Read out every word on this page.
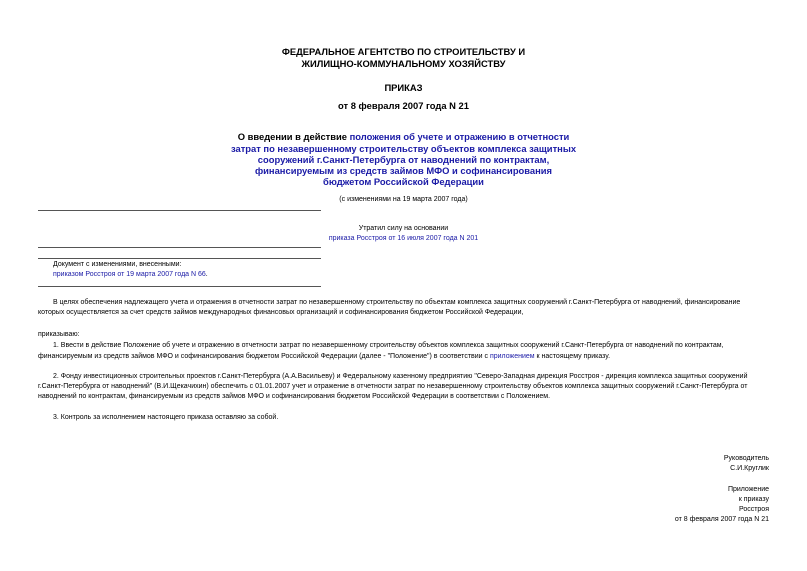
ФЕДЕРАЛЬНОЕ АГЕНТСТВО ПО СТРОИТЕЛЬСТВУ И
ЖИЛИЩНО-КОММУНАЛЬНОМУ ХОЗЯЙСТВУ
ПРИКАЗ
от 8 февраля 2007 года N 21
О введении в действие положения об учете и отражению в отчетности
затрат по незавершенному строительству объектов комплекса защитных
сооружений г.Санкт-Петербурга от наводнений по контрактам,
финансируемым из средств займов МФО и софинансирования
бюджетом Российской Федерации
(с изменениями на 19 марта 2007 года)
Утратил силу на основании
приказа Росстроя от 16 июля 2007 года N 201
Документ с изменениями, внесенными:
приказом Росстроя от 19 марта 2007 года N 66.
В целях обеспечения надлежащего учета и отражения в отчетности затрат по незавершенному строительству по объектам комплекса защитных сооружений г.Санкт-Петербурга от наводнений, финансирование
которых осуществляется за счет средств займов международных финансовых организаций и софинансирования бюджетом Российской Федерации,
приказываю:
1. Ввести в действие Положение об учете и отражению в отчетности затрат по незавершенному строительству объектов комплекса защитных сооружений г.Санкт-Петербурга от наводнений по контрактам,
финансируемым из средств займов МФО и софинансирования бюджетом Российской Федерации (далее - "Положение") в соответствии с приложением к настоящему приказу.
2. Фонду инвестиционных строительных проектов г.Санкт-Петербурга (А.А.Васильеву) и Федеральному казенному предприятию "Северо-Западная дирекция Росстроя - дирекция комплекса защитных сооружений
г.Санкт-Петербурга от наводнений" (В.И.Щекачихин) обеспечить с 01.01.2007 учет и отражение в отчетности затрат по незавершенному строительству объектов комплекса защитных сооружений г.Санкт-Петербурга от
наводнений по контрактам, финансируемым из средств займов МФО и софинансирования бюджетом Российской Федерации в соответствии с Положением.
3. Контроль за исполнением настоящего приказа оставляю за собой.
Руководитель
С.И.Круглик
Приложение
к приказу
Росстроя
от 8 февраля 2007 года N 21
